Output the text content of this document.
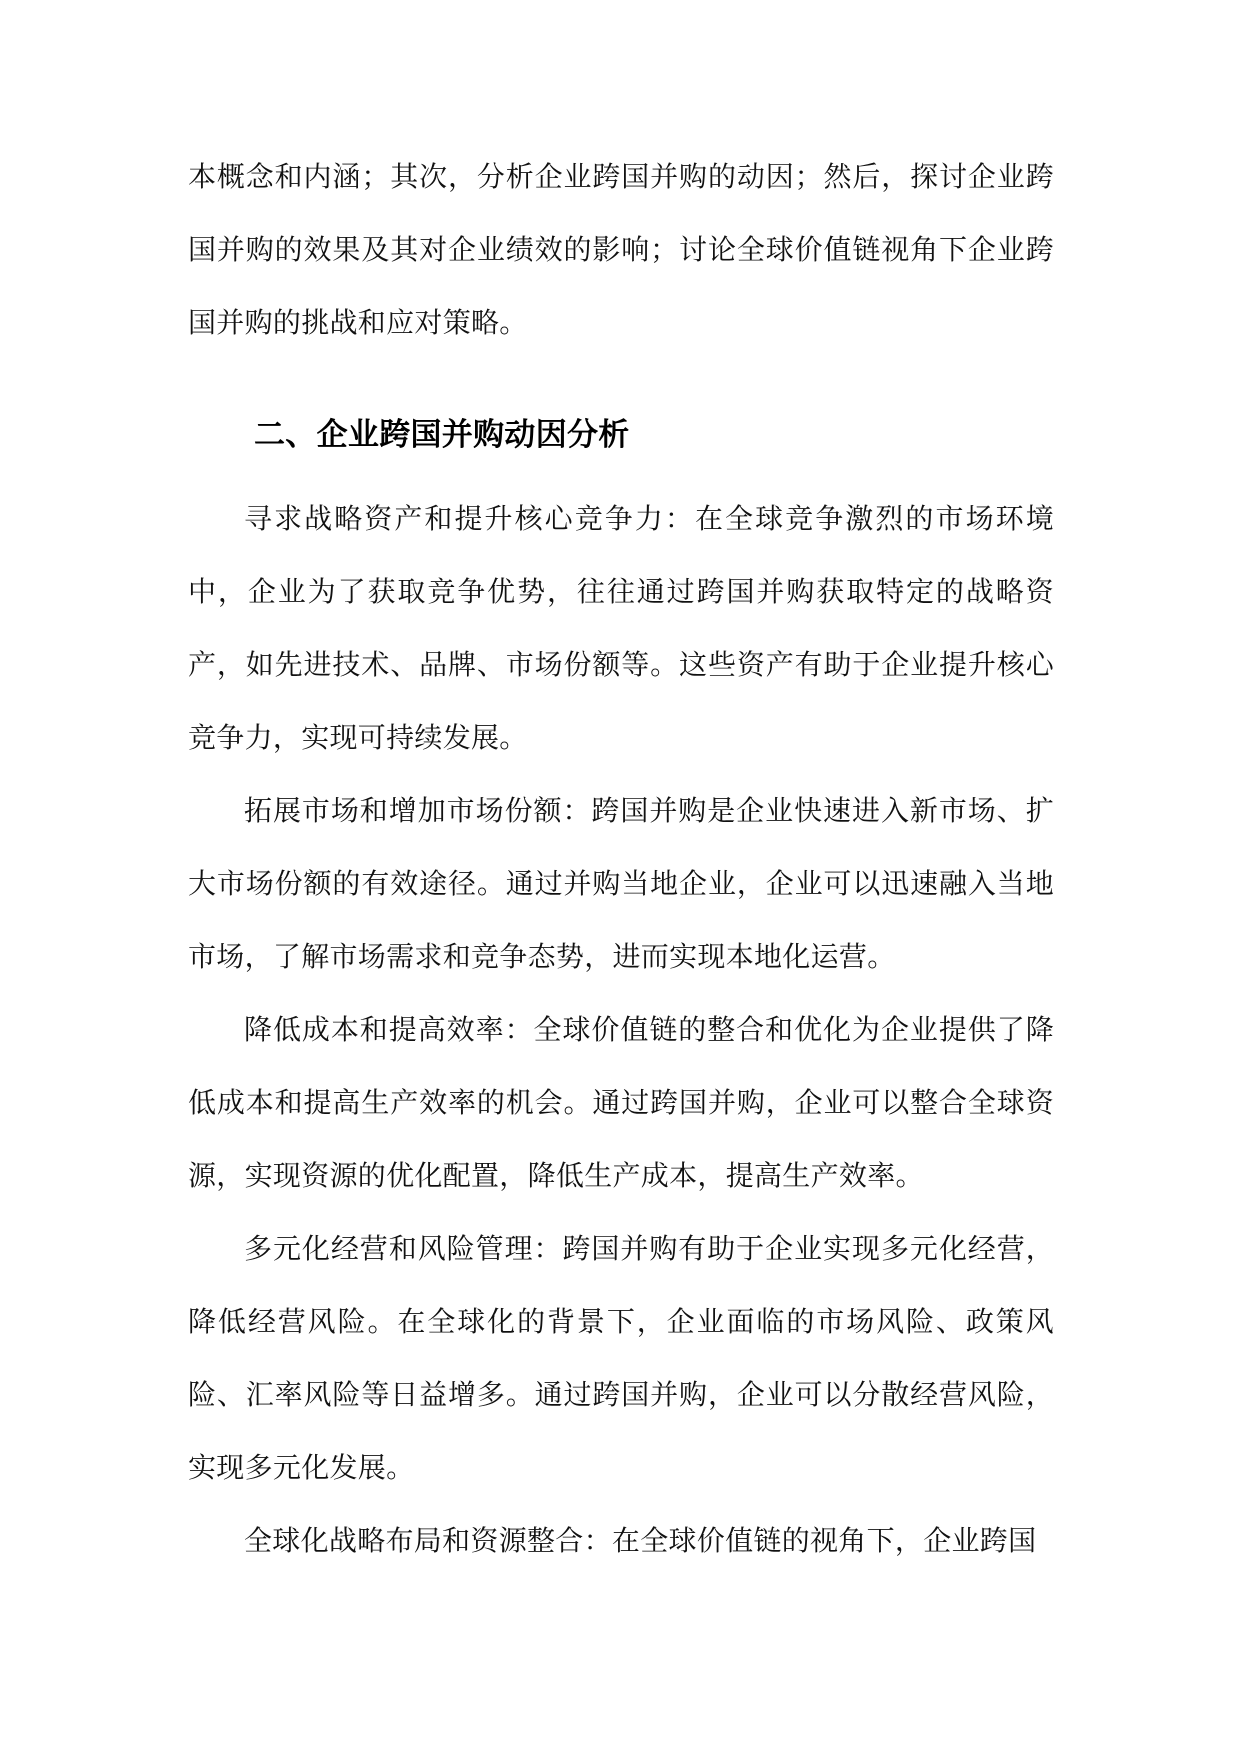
本概念和内涵；其次，分析企业跨国并购的动因；然后，探讨企业跨国并购的效果及其对企业绩效的影响；讨论全球价值链视角下企业跨国并购的挑战和应对策略。

二、企业跨国并购动因分析

寻求战略资产和提升核心竞争力：在全球竞争激烈的市场环境中，企业为了获取竞争优势，往往通过跨国并购获取特定的战略资产，如先进技术、品牌、市场份额等。这些资产有助于企业提升核心竞争力，实现可持续发展。

拓展市场和增加市场份额：跨国并购是企业快速进入新市场、扩大市场份额的有效途径。通过并购当地企业，企业可以迅速融入当地市场，了解市场需求和竞争态势，进而实现本地化运营。

降低成本和提高效率：全球价值链的整合和优化为企业提供了降低成本和提高生产效率的机会。通过跨国并购，企业可以整合全球资源，实现资源的优化配置，降低生产成本，提高生产效率。

多元化经营和风险管理：跨国并购有助于企业实现多元化经营，降低经营风险。在全球化的背景下，企业面临的市场风险、政策风险、汇率风险等日益增多。通过跨国并购，企业可以分散经营风险，实现多元化发展。

全球化战略布局和资源整合：在全球价值链的视角下，企业跨国
